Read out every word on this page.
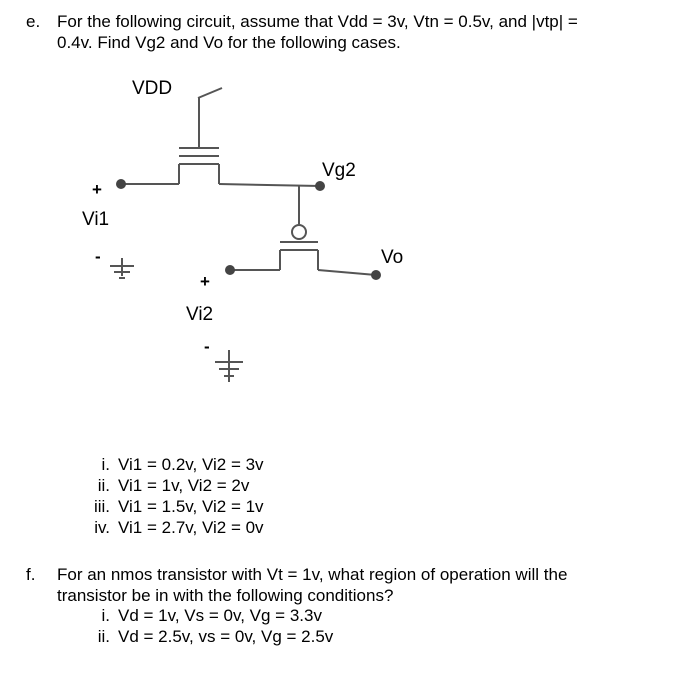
e. For the following circuit, assume that Vdd = 3v, Vtn = 0.5v, and |vtp| =
0.4v. Find Vg2 and Vo for the following cases.
VDD
+
Vi1
-
Vg2
Vo
+
Vi2
-
i. Vi1 = 0.2v, Vi2 = 3v
ii. Vi1 = 1v, Vi2 = 2v
iii. Vi1 = 1.5v, Vi2 = 1v
iv. Vi1 = 2.7v, Vi2 = 0v
f. For an nmos transistor with Vt = 1v, what region of operation will the
transistor be in with the following conditions?
i. Vd = 1v, Vs = 0v, Vg = 3.3v
ii. Vd = 2.5v, vs = 0v, Vg = 2.5v
